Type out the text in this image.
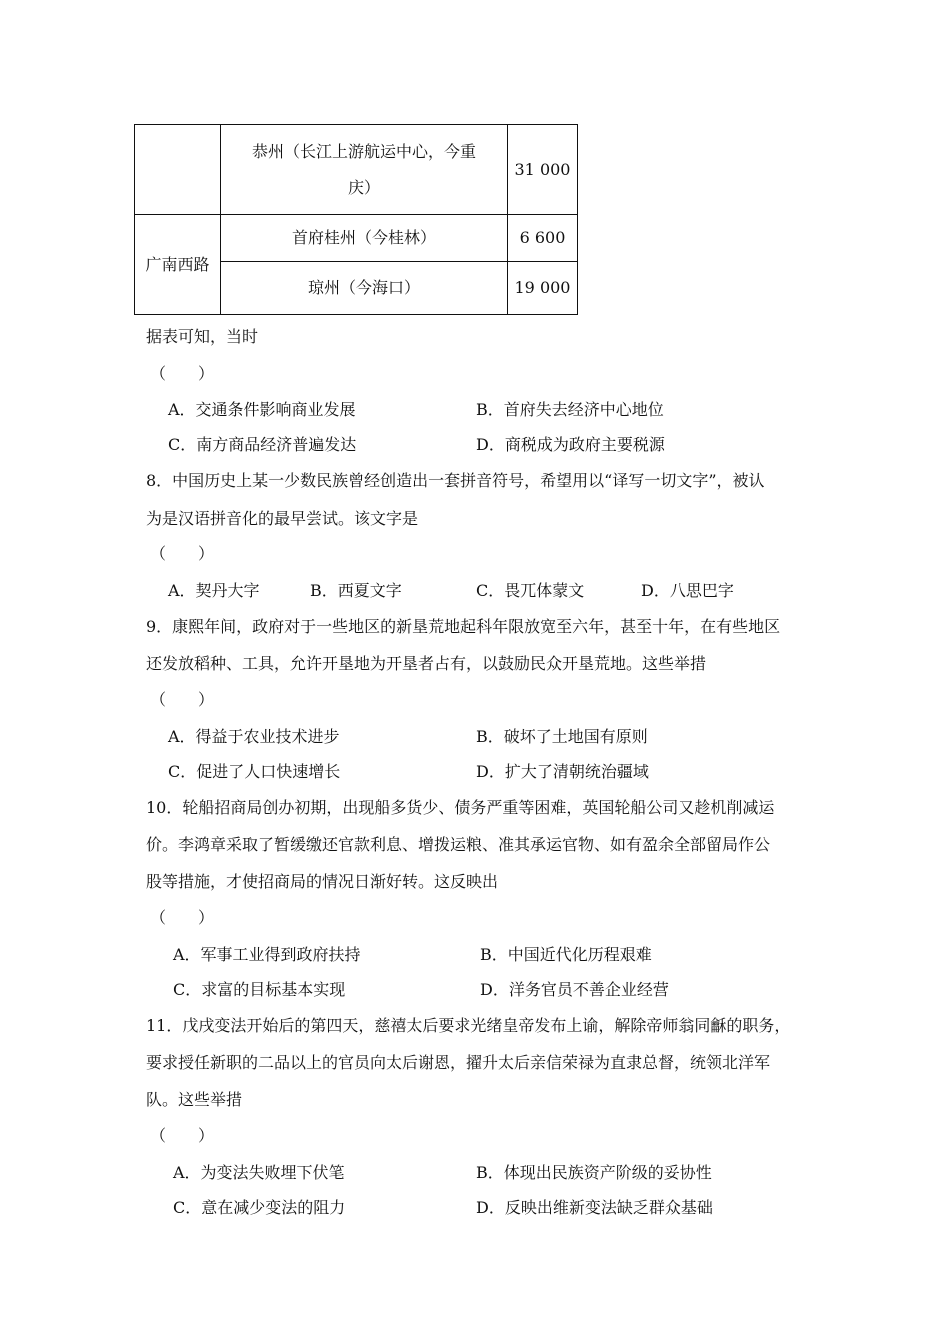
	恭州（长江上游航运中心，今重庆）	31 000
广南西路	首府桂州（今桂林）	6 600
	琼州（今海口）	19 000
据表可知，当时
（　　）
A．交通条件影响商业发展	B．首府失去经济中心地位
C．南方商品经济普遍发达	D．商税成为政府主要税源
8．中国历史上某一少数民族曾经创造出一套拼音符号，希望用以“译写一切文字”，被认
为是汉语拼音化的最早尝试。该文字是
（　　）
A．契丹大字	B．西夏文字	C．畏兀体蒙文	D．八思巴字
9．康熙年间，政府对于一些地区的新垦荒地起科年限放宽至六年，甚至十年，在有些地区
还发放稻种、工具，允许开垦地为开垦者占有，以鼓励民众开垦荒地。这些举措
（　　）
A．得益于农业技术进步	B．破坏了土地国有原则
C．促进了人口快速增长	D．扩大了清朝统治疆域
10．轮船招商局创办初期，出现船多货少、债务严重等困难，英国轮船公司又趁机削减运
价。李鸿章采取了暂缓缴还官款利息、增拨运粮、准其承运官物、如有盈余全部留局作公
股等措施，才使招商局的情况日渐好转。这反映出
（　　）
A．军事工业得到政府扶持	B．中国近代化历程艰难
C．求富的目标基本实现	D．洋务官员不善企业经营
11．戊戌变法开始后的第四天，慈禧太后要求光绪皇帝发布上谕，解除帝师翁同龢的职务，
要求授任新职的二品以上的官员向太后谢恩，擢升太后亲信荣禄为直隶总督，统领北洋军
队。这些举措
（　　）
A．为变法失败埋下伏笔	B．体现出民族资产阶级的妥协性
C．意在减少变法的阻力	D．反映出维新变法缺乏群众基础
